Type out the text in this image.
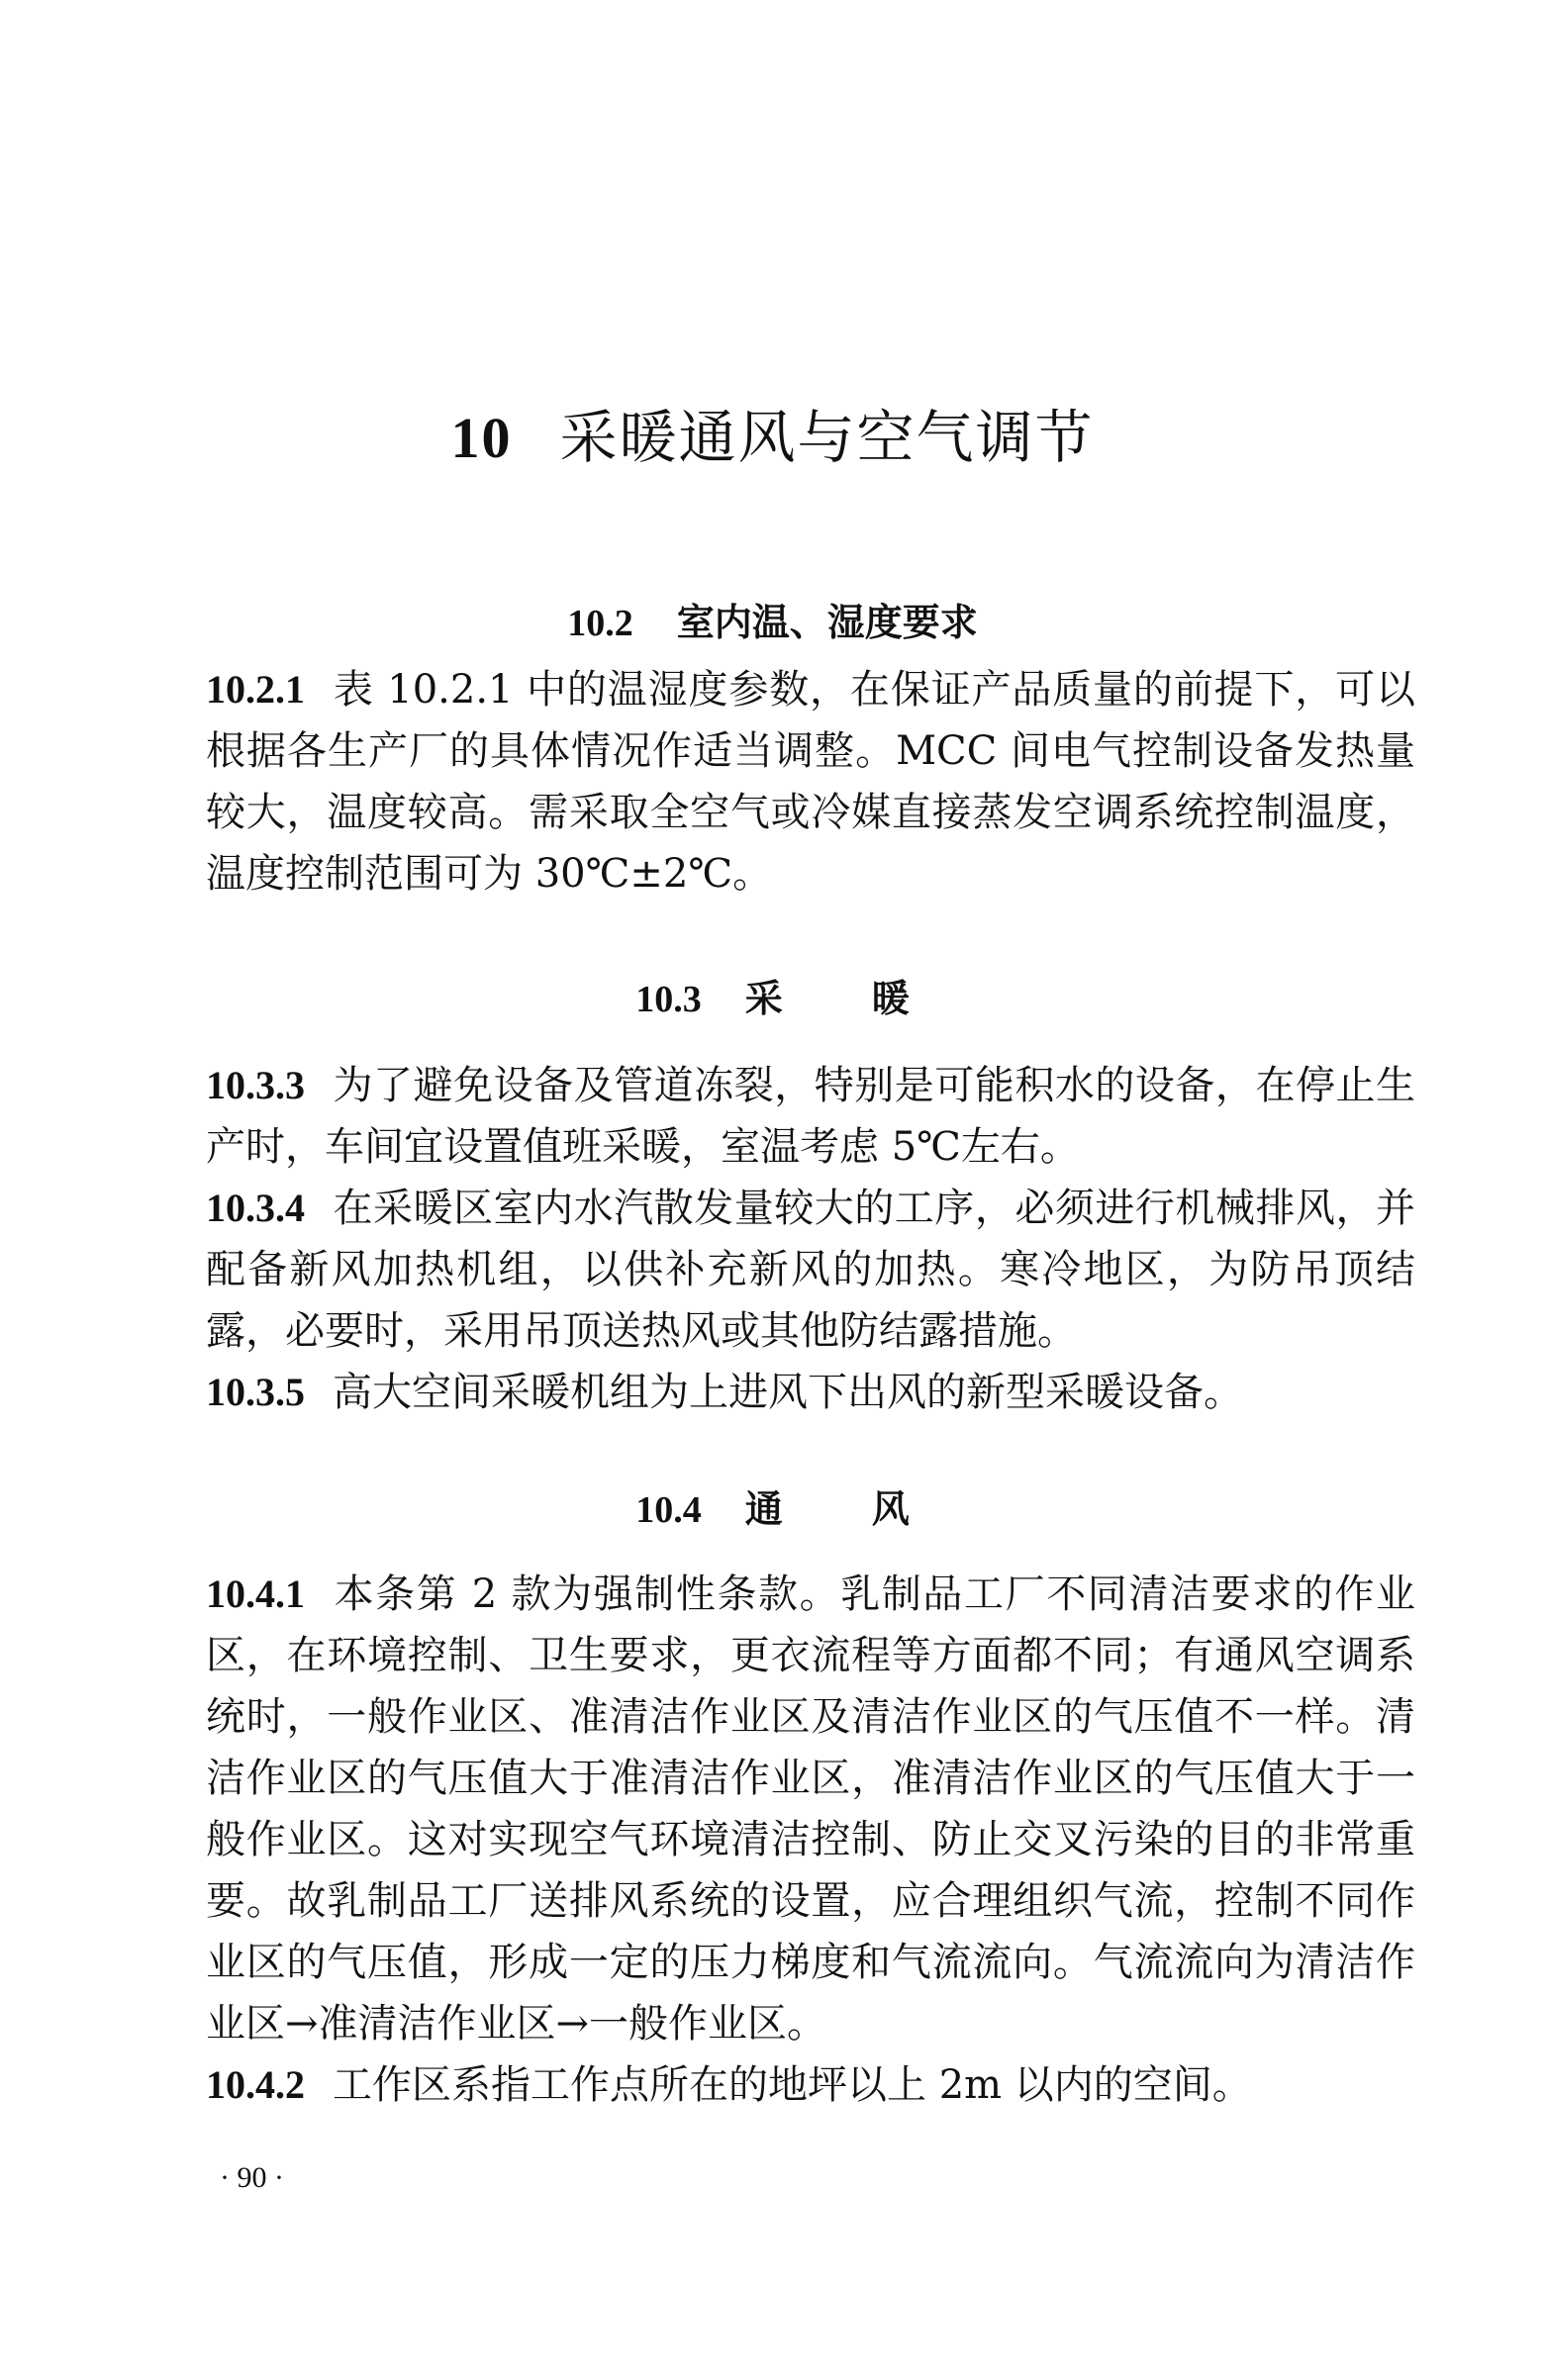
10 采暖通风与空气调节
10.2 室内温、湿度要求

10.2.1 表 10.2.1 中的温湿度参数，在保证产品质量的前提下，可以根据各生产厂的具体情况作适当调整。MCC 间电气控制设备发热量较大，温度较高。需采取全空气或冷媒直接蒸发空调系统控制温度，温度控制范围可为 30℃±2℃。

10.3 采暖

10.3.3 为了避免设备及管道冻裂，特别是可能积水的设备，在停止生产时，车间宜设置值班采暖，室温考虑 5℃左右。

10.3.4 在采暖区室内水汽散发量较大的工序，必须进行机械排风，并配备新风加热机组，以供补充新风的加热。寒冷地区，为防吊顶结露，必要时，采用吊顶送热风或其他防结露措施。

10.3.5 高大空间采暖机组为上进风下出风的新型采暖设备。

10.4 通风

10.4.1 本条第 2 款为强制性条款。乳制品工厂不同清洁要求的作业区，在环境控制、卫生要求，更衣流程等方面都不同；有通风空调系统时，一般作业区、准清洁作业区及清洁作业区的气压值不一样。清洁作业区的气压值大于准清洁作业区，准清洁作业区的气压值大于一般作业区。这对实现空气环境清洁控制、防止交叉污染的目的非常重要。故乳制品工厂送排风系统的设置，应合理组织气流，控制不同作业区的气压值，形成一定的压力梯度和气流流向。气流流向为清洁作业区→准清洁作业区→一般作业区。

10.4.2 工作区系指工作点所在的地坪以上 2m 以内的空间。

· 90 ·
